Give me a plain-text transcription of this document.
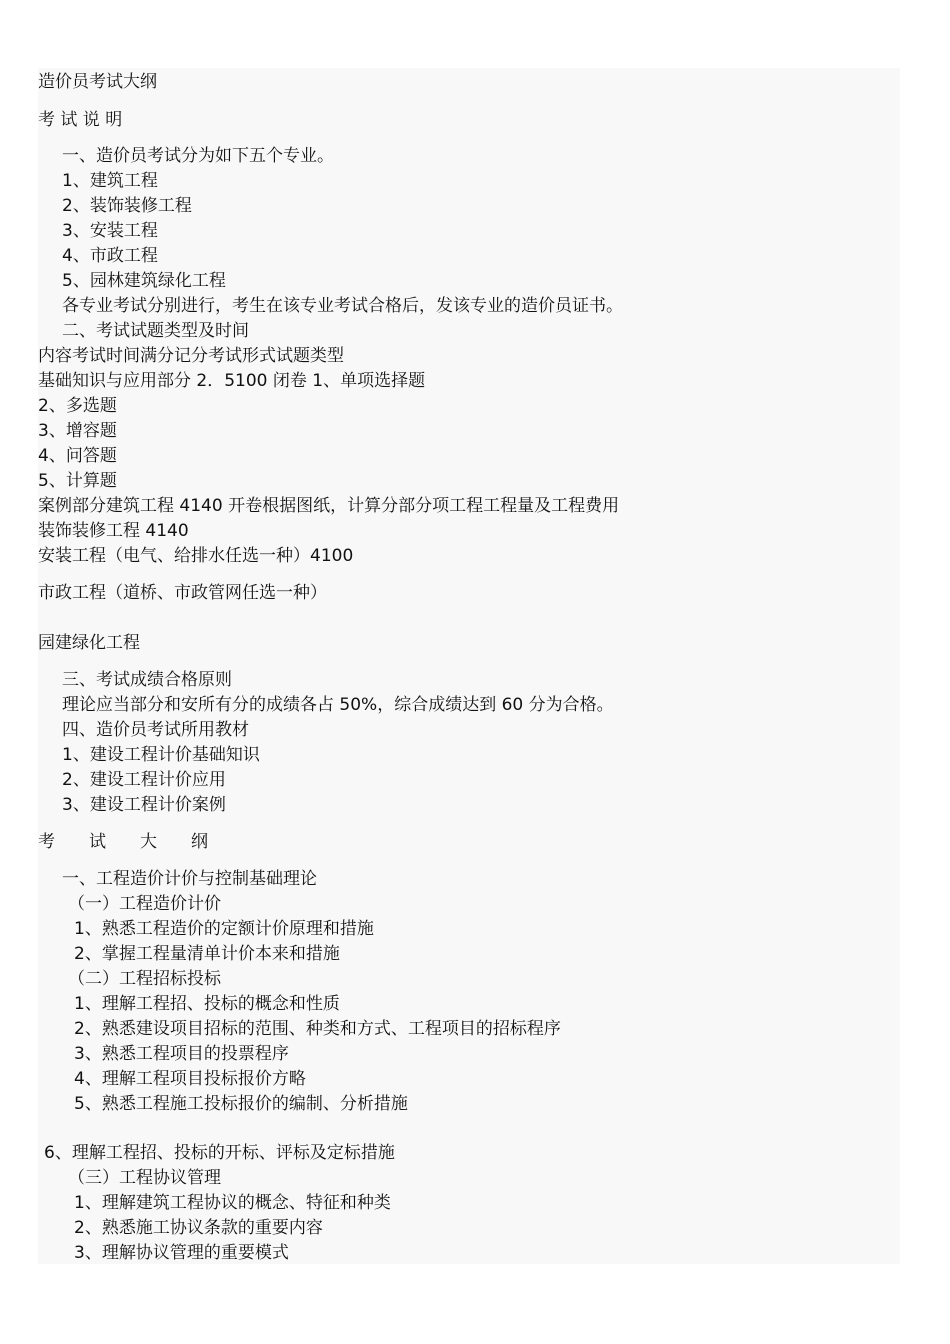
造价员考试大纲
考 试 说 明
一、造价员考试分为如下五个专业。
1、建筑工程
2、装饰装修工程
3、安装工程
4、市政工程
5、园林建筑绿化工程
各专业考试分别进行，考生在该专业考试合格后，发该专业的造价员证书。
二、考试试题类型及时间
内容考试时间满分记分考试形式试题类型
基础知识与应用部分 2．5100 闭卷 1、单项选择题
2、多选题
3、增容题
4、问答题
5、计算题
案例部分建筑工程 4140 开卷根据图纸，计算分部分项工程工程量及工程费用
装饰装修工程 4140
安装工程（电气、给排水任选一种）4100
市政工程（道桥、市政管网任选一种）
园建绿化工程
三、考试成绩合格原则
理论应当部分和安所有分的成绩各占 50%，综合成绩达到 60 分为合格。
四、造价员考试所用教材
1、建设工程计价基础知识
2、建设工程计价应用
3、建设工程计价案例
考　　试　　大　　纲
一、工程造价计价与控制基础理论
（一）工程造价计价
1、熟悉工程造价的定额计价原理和措施
2、掌握工程量清单计价本来和措施
（二）工程招标投标
1、理解工程招、投标的概念和性质
2、熟悉建设项目招标的范围、种类和方式、工程项目的招标程序
3、熟悉工程项目的投票程序
4、理解工程项目投标报价方略
5、熟悉工程施工投标报价的编制、分析措施
6、理解工程招、投标的开标、评标及定标措施
（三）工程协议管理
1、理解建筑工程协议的概念、特征和种类
2、熟悉施工协议条款的重要内容
3、理解协议管理的重要模式
